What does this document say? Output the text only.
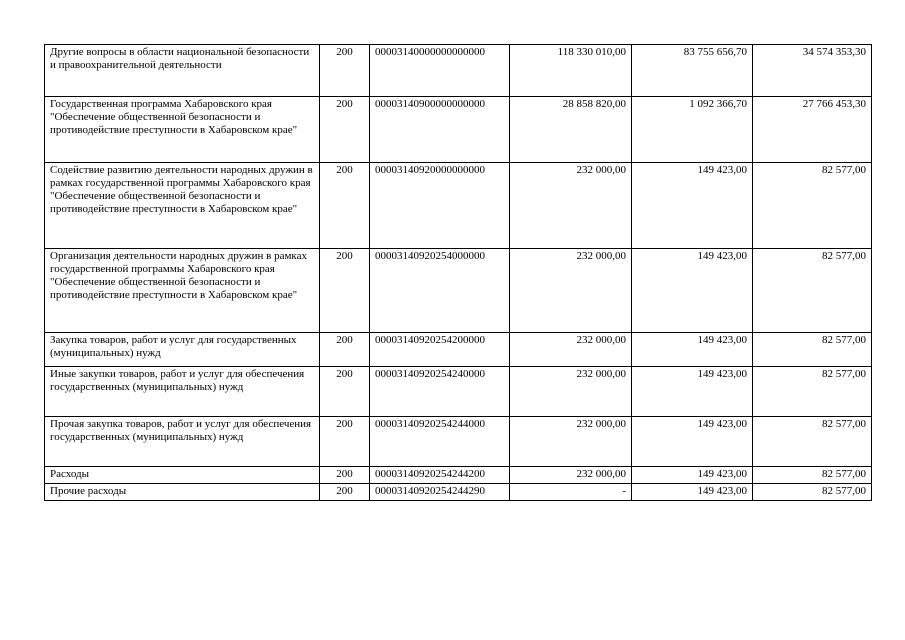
Другие вопросы в области национальной безопасности и правоохранительной деятельности	200	00003140000000000000	118 330 010,00	83 755 656,70	34 574 353,30
Государственная программа Хабаровского края "Обеспечение общественной безопасности и противодействие преступности в Хабаровском крае"	200	00003140900000000000	28 858 820,00	1 092 366,70	27 766 453,30
Содействие развитию деятельности народных дружин в рамках государственной программы Хабаровского края "Обеспечение общественной безопасности и противодействие преступности в Хабаровском крае"	200	00003140920000000000	232 000,00	149 423,00	82 577,00
Организация деятельности народных дружин в рамках государственной программы Хабаровского края "Обеспечение общественной безопасности и противодействие преступности в Хабаровском крае"	200	00003140920254000000	232 000,00	149 423,00	82 577,00
Закупка товаров, работ и услуг для государственных (муниципальных) нужд	200	00003140920254200000	232 000,00	149 423,00	82 577,00
Иные закупки товаров, работ и услуг для обеспечения государственных (муниципальных) нужд	200	00003140920254240000	232 000,00	149 423,00	82 577,00
Прочая закупка товаров, работ и услуг для обеспечения государственных (муниципальных) нужд	200	00003140920254244000	232 000,00	149 423,00	82 577,00
Расходы	200	00003140920254244200	232 000,00	149 423,00	82 577,00
Прочие расходы	200	00003140920254244290	-	149 423,00	82 577,00
